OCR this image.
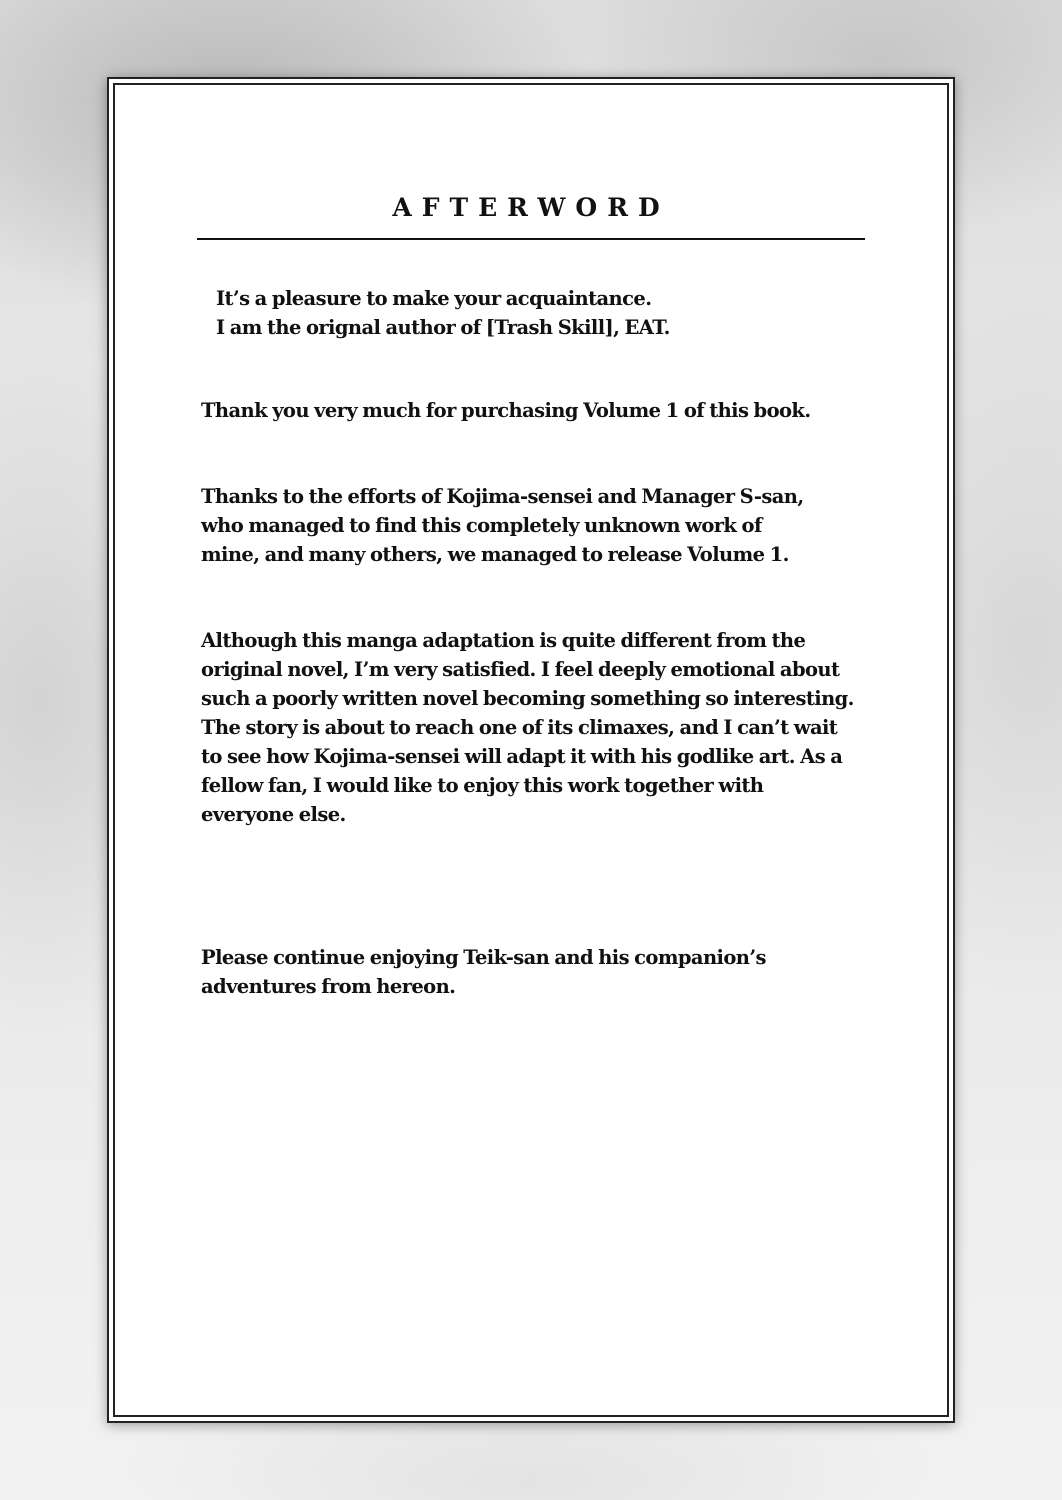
AFTERWORD

It’s a pleasure to make your acquaintance.
I am the orignal author of [Trash Skill], EAT.

Thank you very much for purchasing Volume 1 of this book.

Thanks to the efforts of Kojima-sensei and Manager S-san,
who managed to find this completely unknown work of
mine, and many others, we managed to release Volume 1.

Although this manga adaptation is quite different from the
original novel, I’m very satisfied. I feel deeply emotional about
such a poorly written novel becoming something so interesting.
The story is about to reach one of its climaxes, and I can’t wait
to see how Kojima-sensei will adapt it with his godlike art. As a
fellow fan, I would like to enjoy this work together with
everyone else.

Please continue enjoying Teik-san and his companion’s
adventures from hereon.
